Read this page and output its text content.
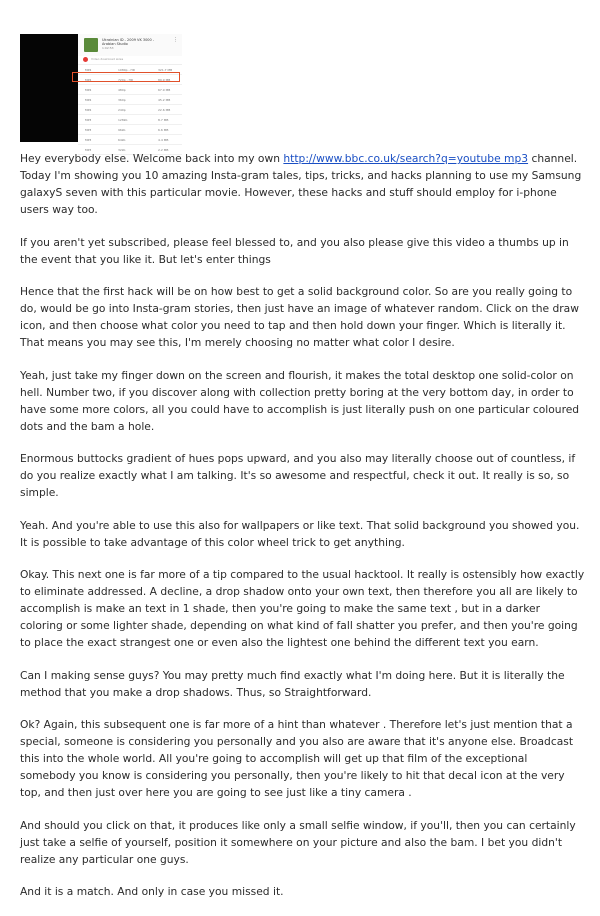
Ukrainian ID - 2009 VK 3000 - Arabian Studio
1:02:53
⋮
Video download sizes
MP4	1080p - HD	321.7 MB
MP4	720p - HD	89.9 MB
MP4	480p	67.9 MB
MP4	360p	45.2 MB
MP4	240p	22.6 MB
MP3	128kb	8.7 MB
MP3	96kb	6.6 MB
MP3	64kb	4.4 MB
MP3	32kb	2.2 MB

Hey everybody else. Welcome back into my own http://www.bbc.co.uk/search?q=youtube mp3 channel. Today I'm showing you 10 amazing Insta-gram tales, tips, tricks, and hacks planning to use my Samsung galaxyS seven with this particular movie. However, these hacks and stuff should employ for i-phone users way too.

If you aren't yet subscribed, please feel blessed to, and you also please give this video a thumbs up in the event that you like it. But let's enter things

Hence that the first hack will be on how best to get a solid background color. So are you really going to do, would be go into Insta-gram stories, then just have an image of whatever random. Click on the draw icon, and then choose what color you need to tap and then hold down your finger. Which is literally it. That means you may see this, I'm merely choosing no matter what color I desire.

Yeah, just take my finger down on the screen and flourish, it makes the total desktop one solid-color on hell. Number two, if you discover along with collection pretty boring at the very bottom day, in order to have some more colors, all you could have to accomplish is just literally push on one particular coloured dots and the bam a hole.

Enormous buttocks gradient of hues pops upward, and you also may literally choose out of countless, if do you realize exactly what I am talking. It's so awesome and respectful, check it out. It really is so, so simple.

Yeah. And you're able to use this also for wallpapers or like text. That solid background you showed you. It is possible to take advantage of this color wheel trick to get anything.

Okay. This next one is far more of a tip compared to the usual hacktool. It really is ostensibly how exactly to eliminate addressed. A decline, a drop shadow onto your own text, then therefore you all are likely to accomplish is make an text in 1 shade, then you're going to make the same text , but in a darker coloring or some lighter shade, depending on what kind of fall shatter you prefer, and then you're going to place the exact strangest one or even also the lightest one behind the different text you earn.

Can I making sense guys? You may pretty much find exactly what I'm doing here. But it is literally the method that you make a drop shadows. Thus, so Straightforward.

Ok? Again, this subsequent one is far more of a hint than whatever . Therefore let's just mention that a special, someone is considering you personally and you also are aware that it's anyone else. Broadcast this into the whole world. All you're going to accomplish will get up that film of the exceptional somebody you know is considering you personally, then you're likely to hit that decal icon at the very top, and then just over here you are going to see just like a tiny camera .

And should you click on that, it produces like only a small selfie window, if you'll, then you can certainly just take a selfie of yourself, position it somewhere on your picture and also the bam. I bet you didn't realize any particular one guys.

And it is a match. And only in case you missed it.
